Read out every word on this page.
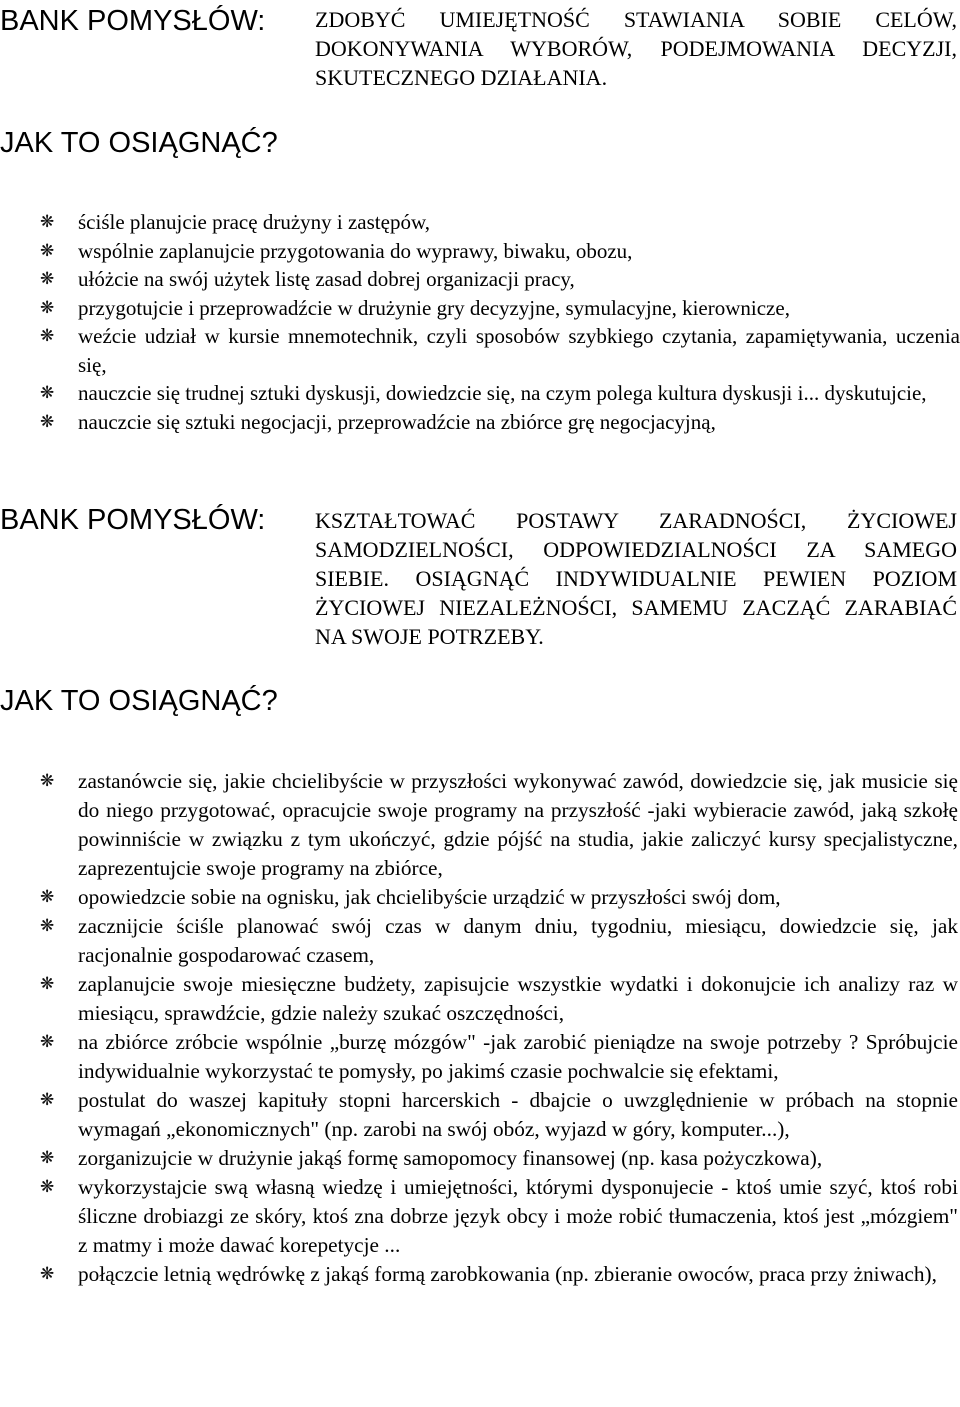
BANK POMYSŁÓW: ZDOBYĆ UMIEJĘTNOŚĆ STAWIANIA SOBIE CELÓW, DOKONYWANIA WYBORÓW, PODEJMOWANIA DECYZJI, SKUTECZNEGO DZIAŁANIA.
JAK TO OSIĄGNĄĆ?
❋ ściśle planujcie pracę drużyny i zastępów,
❋ wspólnie zaplanujcie przygotowania do wyprawy, biwaku, obozu,
❋ ułóżcie na swój użytek listę zasad dobrej organizacji pracy,
❋ przygotujcie i przeprowadźcie w drużynie gry decyzyjne, symulacyjne, kierownicze,
❋ weźcie udział w kursie mnemotechnik, czyli sposobów szybkiego czytania, zapamiętywania, uczenia się,
❋ nauczcie się trudnej sztuki dyskusji, dowiedzcie się, na czym polega kultura dyskusji i... dyskutujcie,
❋ nauczcie się sztuki negocjacji, przeprowadźcie na zbiórce grę negocjacyjną,
BANK POMYSŁÓW: KSZTAŁTOWAĆ POSTAWY ZARADNOŚCI, ŻYCIOWEJ SAMODZIELNOŚCI, ODPOWIEDZIALNOŚCI ZA SAMEGO SIEBIE. OSIĄGNĄĆ INDYWIDUALNIE PEWIEN POZIOM ŻYCIOWEJ NIEZALEŻNOŚCI, SAMEMU ZACZĄĆ ZARABIAĆ NA SWOJE POTRZEBY.
JAK TO OSIĄGNĄĆ?
❋ zastanówcie się, jakie chcielibyście w przyszłości wykonywać zawód, dowiedzcie się, jak musicie się do niego przygotować, opracujcie swoje programy na przyszłość -jaki wybieracie zawód, jaką szkołę powinniście w związku z tym ukończyć, gdzie pójść na studia, jakie zaliczyć kursy specjalistyczne, zaprezentujcie swoje programy na zbiórce,
❋ opowiedzcie sobie na ognisku, jak chcielibyście urządzić w przyszłości swój dom,
❋ zacznijcie ściśle planować swój czas w danym dniu, tygodniu, miesiącu, dowiedzcie się, jak racjonalnie gospodarować czasem,
❋ zaplanujcie swoje miesięczne budżety, zapisujcie wszystkie wydatki i dokonujcie ich analizy raz w miesiącu, sprawdźcie, gdzie należy szukać oszczędności,
❋ na zbiórce zróbcie wspólnie „burzę mózgów" -jak zarobić pieniądze na swoje potrzeby ? Spróbujcie indywidualnie wykorzystać te pomysły, po jakimś czasie pochwalcie się efektami,
❋ postulat do waszej kapituły stopni harcerskich - dbajcie o uwzględnienie w próbach na stopnie wymagań „ekonomicznych" (np. zarobi na swój obóz, wyjazd w góry, komputer...),
❋ zorganizujcie w drużynie jakąś formę samopomocy finansowej (np. kasa pożyczkowa),
❋ wykorzystajcie swą własną wiedzę i umiejętności, którymi dysponujecie - ktoś umie szyć, ktoś robi śliczne drobiazgi ze skóry, ktoś zna dobrze język obcy i może robić tłumaczenia, ktoś jest „mózgiem" z matmy i może dawać korepetycje ...
❋ połączcie letnią wędrówkę z jakąś formą zarobkowania (np. zbieranie owoców, praca przy żniwach),
